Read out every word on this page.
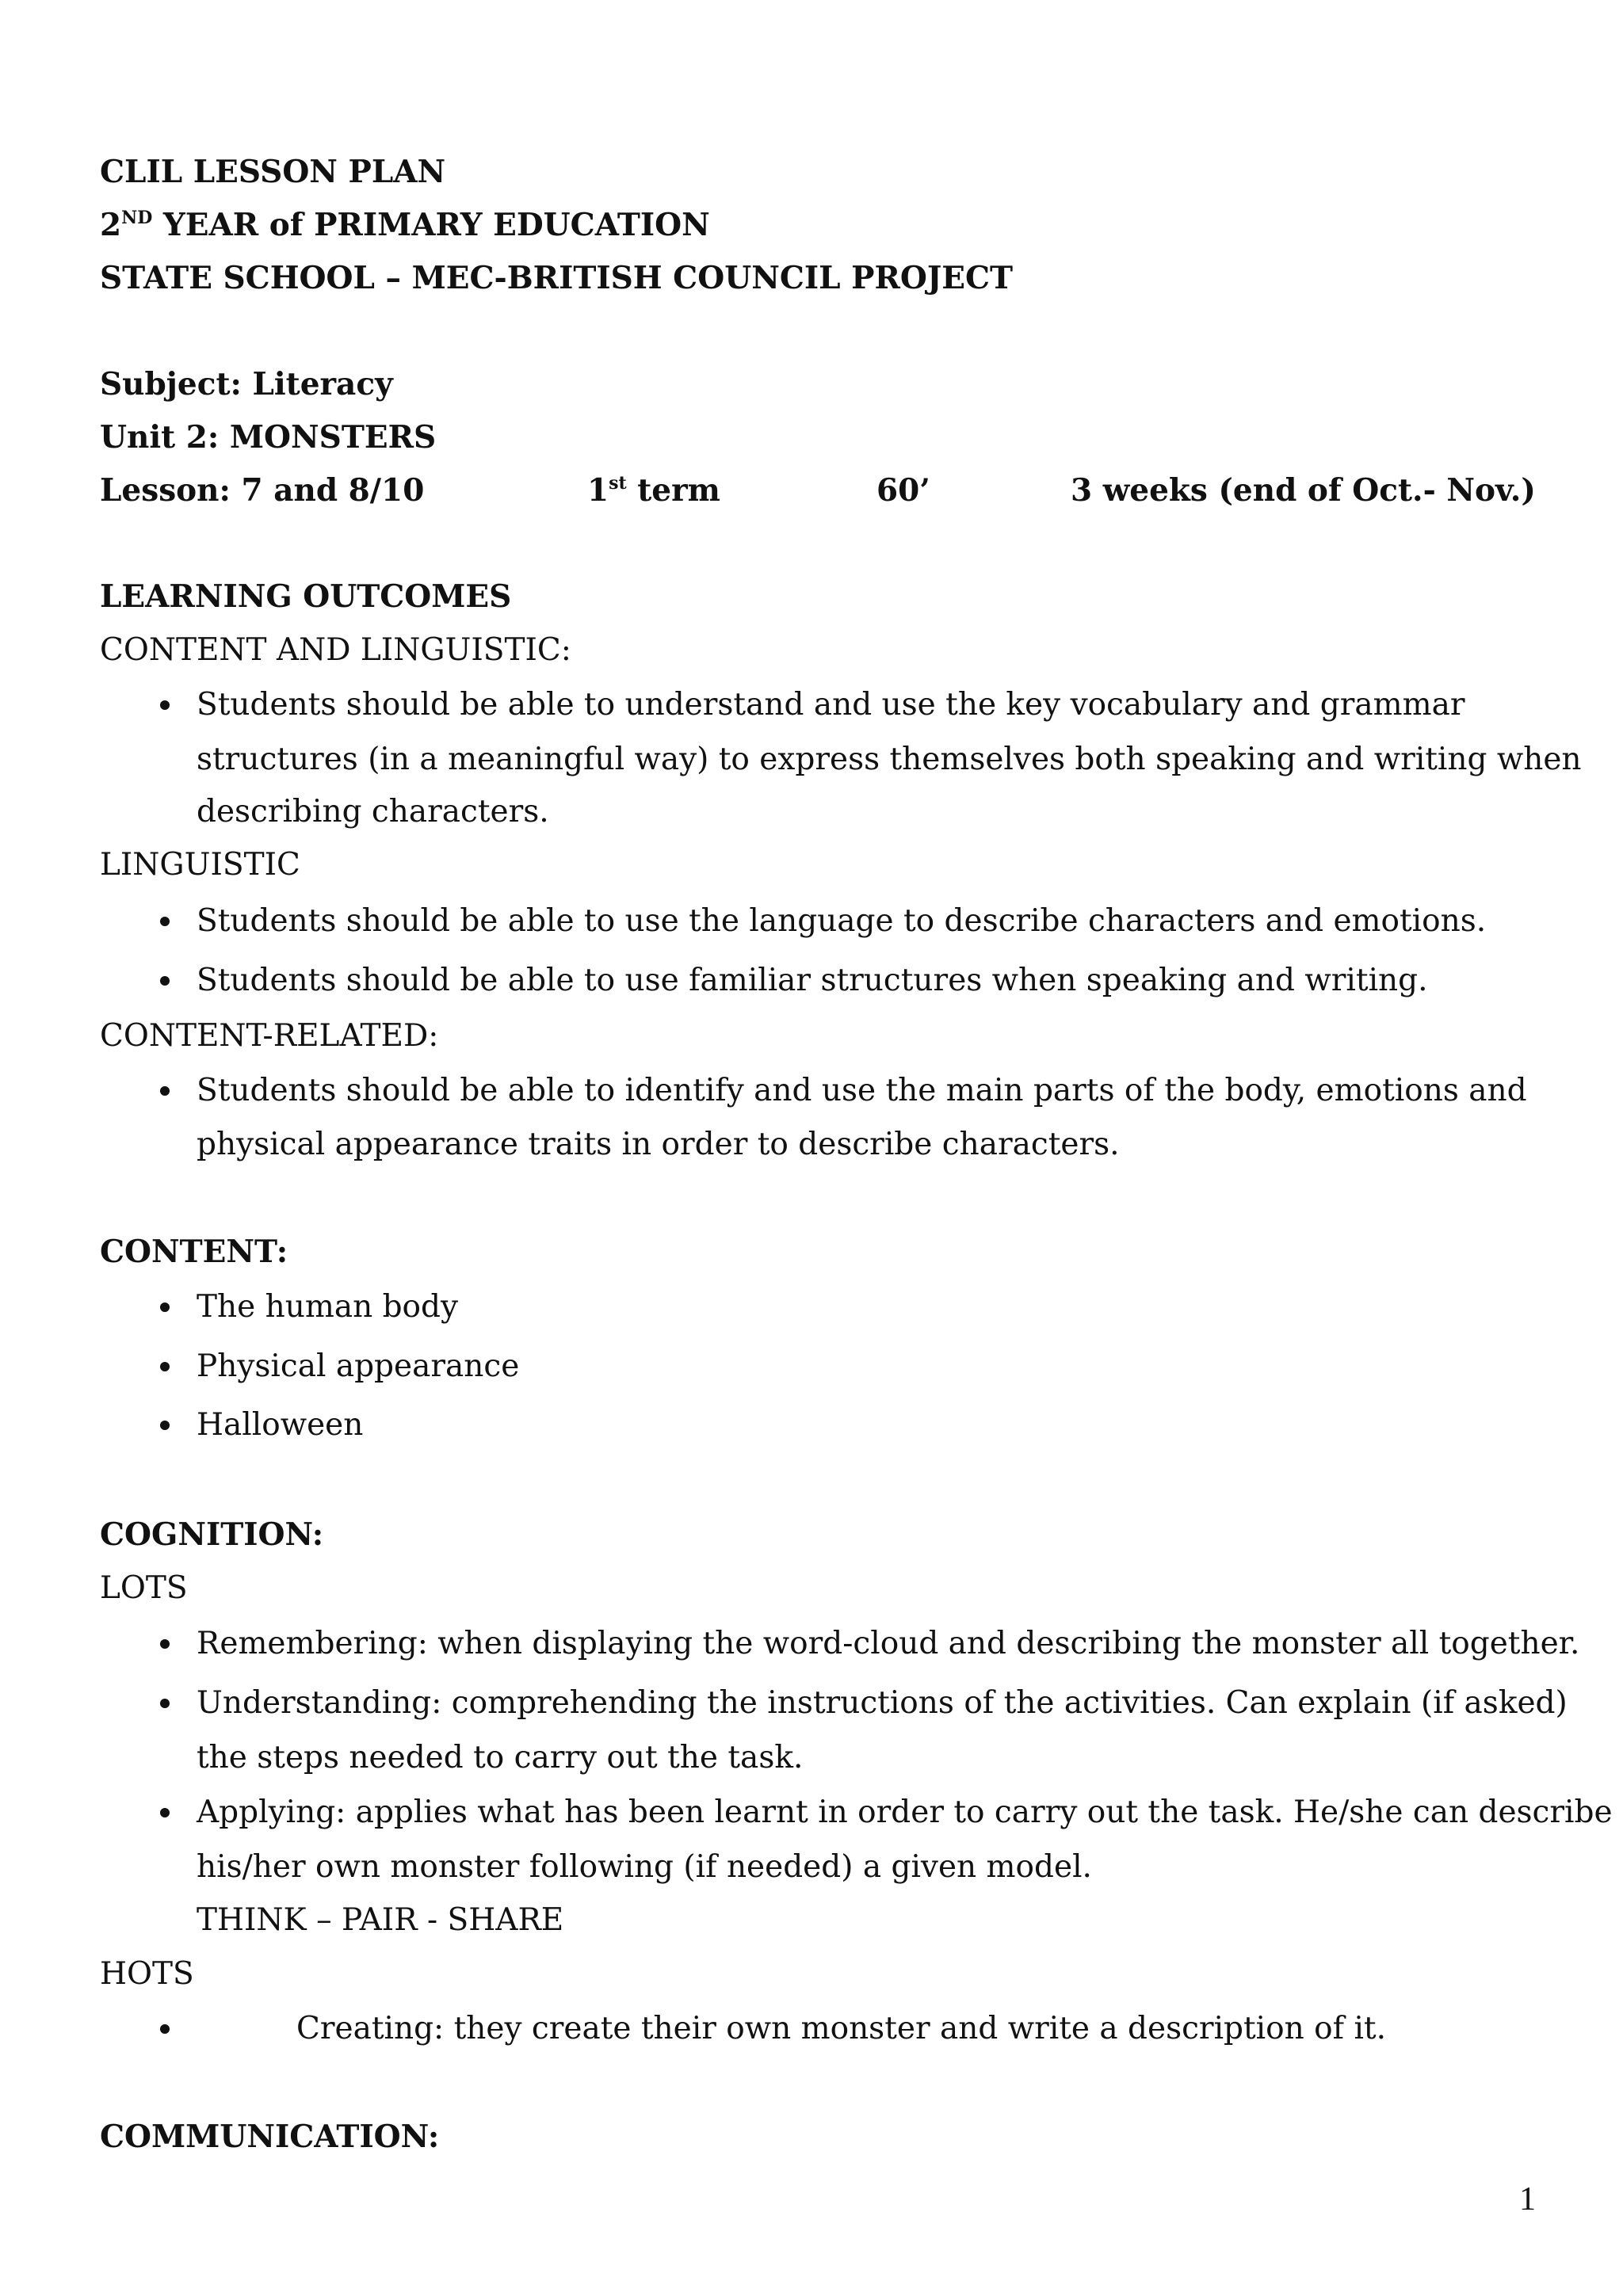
CLIL LESSON PLAN
2ND YEAR of PRIMARY EDUCATION
STATE SCHOOL – MEC-BRITISH COUNCIL PROJECT
Subject: Literacy
Unit 2: MONSTERS
Lesson: 7 and 8/10	1st term	60’	3 weeks (end of Oct.- Nov.)
LEARNING OUTCOMES
CONTENT AND LINGUISTIC:
Students should be able to understand and use the key vocabulary and grammar
structures (in a meaningful way) to express themselves both speaking and writing when
describing characters.
LINGUISTIC
Students should be able to use the language to describe characters and emotions.
Students should be able to use familiar structures when speaking and writing.
CONTENT-RELATED:
Students should be able to identify and use the main parts of the body, emotions and
physical appearance traits in order to describe characters.
CONTENT:
The human body
Physical appearance
Halloween
COGNITION:
LOTS
Remembering: when displaying the word-cloud and describing the monster all together.
Understanding: comprehending the instructions of the activities. Can explain (if asked)
the steps needed to carry out the task.
Applying: applies what has been learnt in order to carry out the task. He/she can describe
his/her own monster following (if needed) a given model.
THINK – PAIR - SHARE
HOTS
Creating: they create their own monster and write a description of it.
COMMUNICATION:
1
